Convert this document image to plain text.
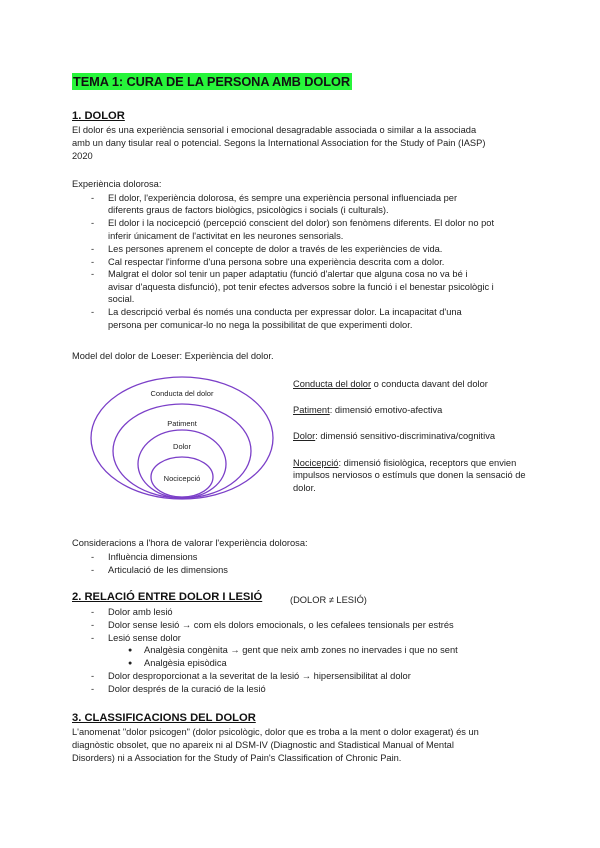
TEMA 1: CURA DE LA PERSONA AMB DOLOR
1. DOLOR
El dolor és una experiència sensorial i emocional desagradable associada o similar a la associada
amb un dany tisular real o potencial. Segons la International Association for the Study of Pain (IASP)
2020
Experiència dolorosa:
- El dolor, l'experiència dolorosa, és sempre una experiència personal influenciada per
diferents graus de factors biològics, psicològics i socials (i culturals).
- El dolor i la nocicepció (percepció conscient del dolor) son fenòmens diferents. El dolor no pot
inferir únicament de l'activitat en les neurones sensorials.
- Les persones aprenem el concepte de dolor a través de les experiències de vida.
- Cal respectar l'informe d'una persona sobre una experiència descrita com a dolor.
- Malgrat el dolor sol tenir un paper adaptatiu (funció d'alertar que alguna cosa no va bé i
avisar d'aquesta disfunció), pot tenir efectes adversos sobre la funció i el benestar psicològic i
social.
- La descripció verbal és només una conducta per expressar dolor. La incapacitat d'una
persona per comunicar-lo no nega la possibilitat de que experimenti dolor.
Model del dolor de Loeser: Experiència del dolor.
Conducta del dolor
Patiment
Dolor
Nocicepció
Conducta del dolor o conducta davant del dolor
Patiment: dimensió emotivo-afectiva
Dolor: dimensió sensitivo-discriminativa/cognitiva
Nocicepció: dimensió fisiològica, receptors que envien impulsos nerviosos o estímuls que donen la sensació de dolor.
Consideracions a l'hora de valorar l'experiència dolorosa:
- Influència dimensions
- Articulació de les dimensions
2. RELACIÓ ENTRE DOLOR I LESIÓ	(DOLOR ≠ LESIÓ)
- Dolor amb lesió
- Dolor sense lesió → com els dolors emocionals, o les cefalees tensionals per estrés
- Lesió sense dolor
● Analgèsia congènita → gent que neix amb zones no inervades i que no sent
● Analgèsia episòdica
- Dolor desproporcionat a la severitat de la lesió → hipersensibilitat al dolor
- Dolor després de la curació de la lesió
3. CLASSIFICACIONS DEL DOLOR
L'anomenat "dolor psicogen" (dolor psicològic, dolor que es troba a la ment o dolor exagerat) és un
diagnòstic obsolet, que no apareix ni al DSM-IV (Diagnostic and Stadistical Manual of Mental
Disorders) ni a Association for the Study of Pain's Classification of Chronic Pain.
